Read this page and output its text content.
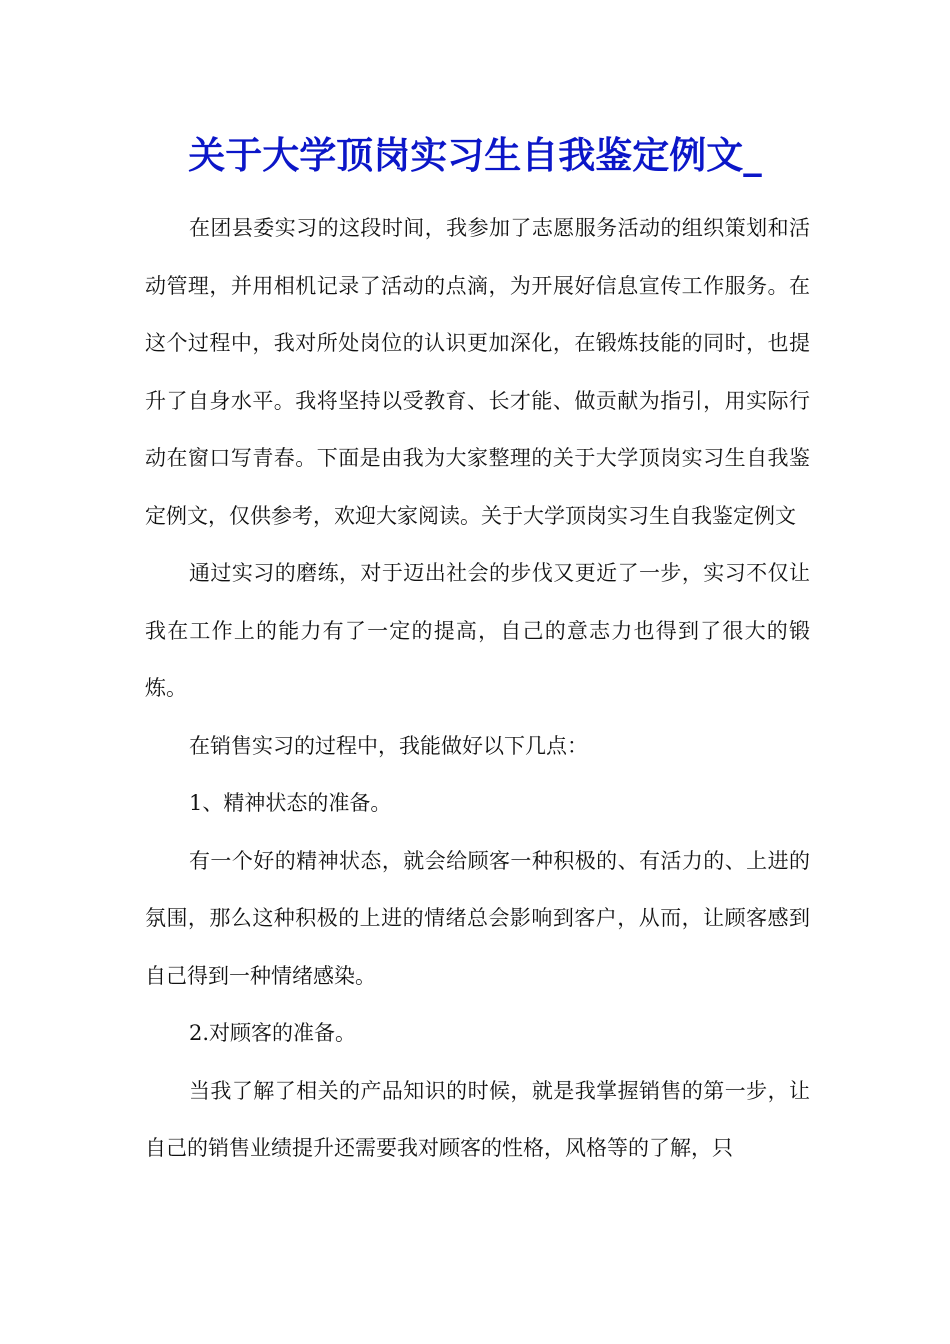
关于大学顶岗实习生自我鉴定例文_

在团县委实习的这段时间，我参加了志愿服务活动的组织策划和活动管理，并用相机记录了活动的点滴，为开展好信息宣传工作服务。在这个过程中，我对所处岗位的认识更加深化，在锻炼技能的同时，也提升了自身水平。我将坚持以受教育、长才能、做贡献为指引，用实际行动在窗口写青春。下面是由我为大家整理的关于大学顶岗实习生自我鉴定例文，仅供参考，欢迎大家阅读。关于大学顶岗实习生自我鉴定例文

通过实习的磨练，对于迈出社会的步伐又更近了一步，实习不仅让我在工作上的能力有了一定的提高，自己的意志力也得到了很大的锻炼。

在销售实习的过程中，我能做好以下几点：

1、精神状态的准备。

有一个好的精神状态，就会给顾客一种积极的、有活力的、上进的氛围，那么这种积极的上进的情绪总会影响到客户，从而，让顾客感到自己得到一种情绪感染。

2.对顾客的准备。

当我了解了相关的产品知识的时候，就是我掌握销售的第一步，让自己的销售业绩提升还需要我对顾客的性格，风格等的了解，只
